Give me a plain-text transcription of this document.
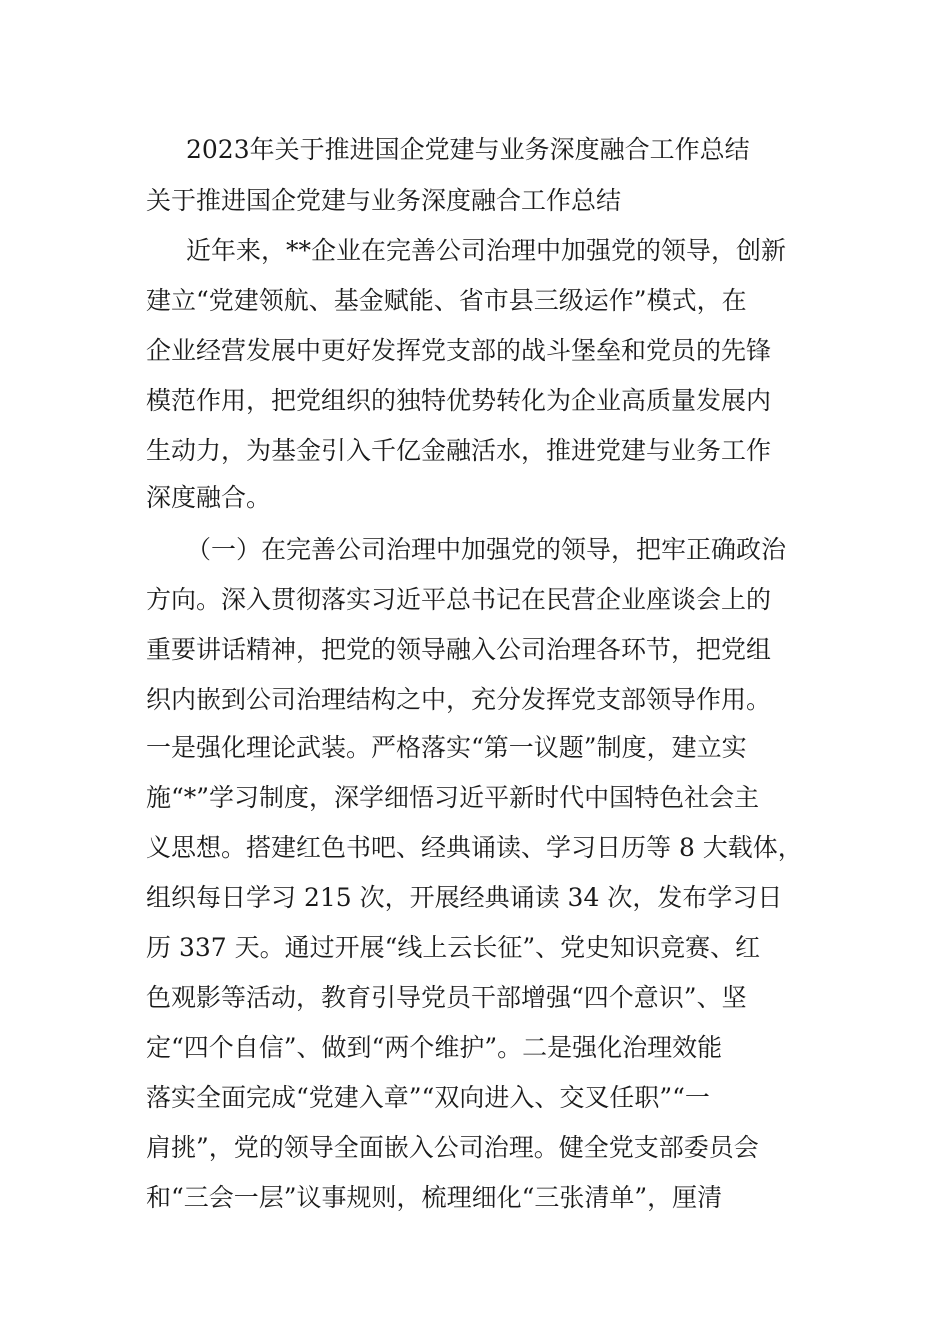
2023年关于推进国企党建与业务深度融合工作总结
关于推进国企党建与业务深度融合工作总结
近年来，**企业在完善公司治理中加强党的领导，创新
建立“党建领航、基金赋能、省市县三级运作”模式，在
企业经营发展中更好发挥党支部的战斗堡垒和党员的先锋
模范作用，把党组织的独特优势转化为企业高质量发展内
生动力，为基金引入千亿金融活水，推进党建与业务工作
深度融合。
（一）在完善公司治理中加强党的领导，把牢正确政治
方向。深入贯彻落实习近平总书记在民营企业座谈会上的
重要讲话精神，把党的领导融入公司治理各环节，把党组
织内嵌到公司治理结构之中，充分发挥党支部领导作用。
一是强化理论武装。严格落实“第一议题”制度，建立实
施“*”学习制度，深学细悟习近平新时代中国特色社会主
义思想。搭建红色书吧、经典诵读、学习日历等 8 大载体，
组织每日学习 215 次，开展经典诵读 34 次，发布学习日
历 337 天。通过开展“线上云长征”、党史知识竞赛、红
色观影等活动，教育引导党员干部增强“四个意识”、坚
定“四个自信”、做到“两个维护”。二是强化治理效能
落实全面完成“党建入章”“双向进入、交叉任职”“一
肩挑”，党的领导全面嵌入公司治理。健全党支部委员会
和“三会一层”议事规则，梳理细化“三张清单”，厘清
